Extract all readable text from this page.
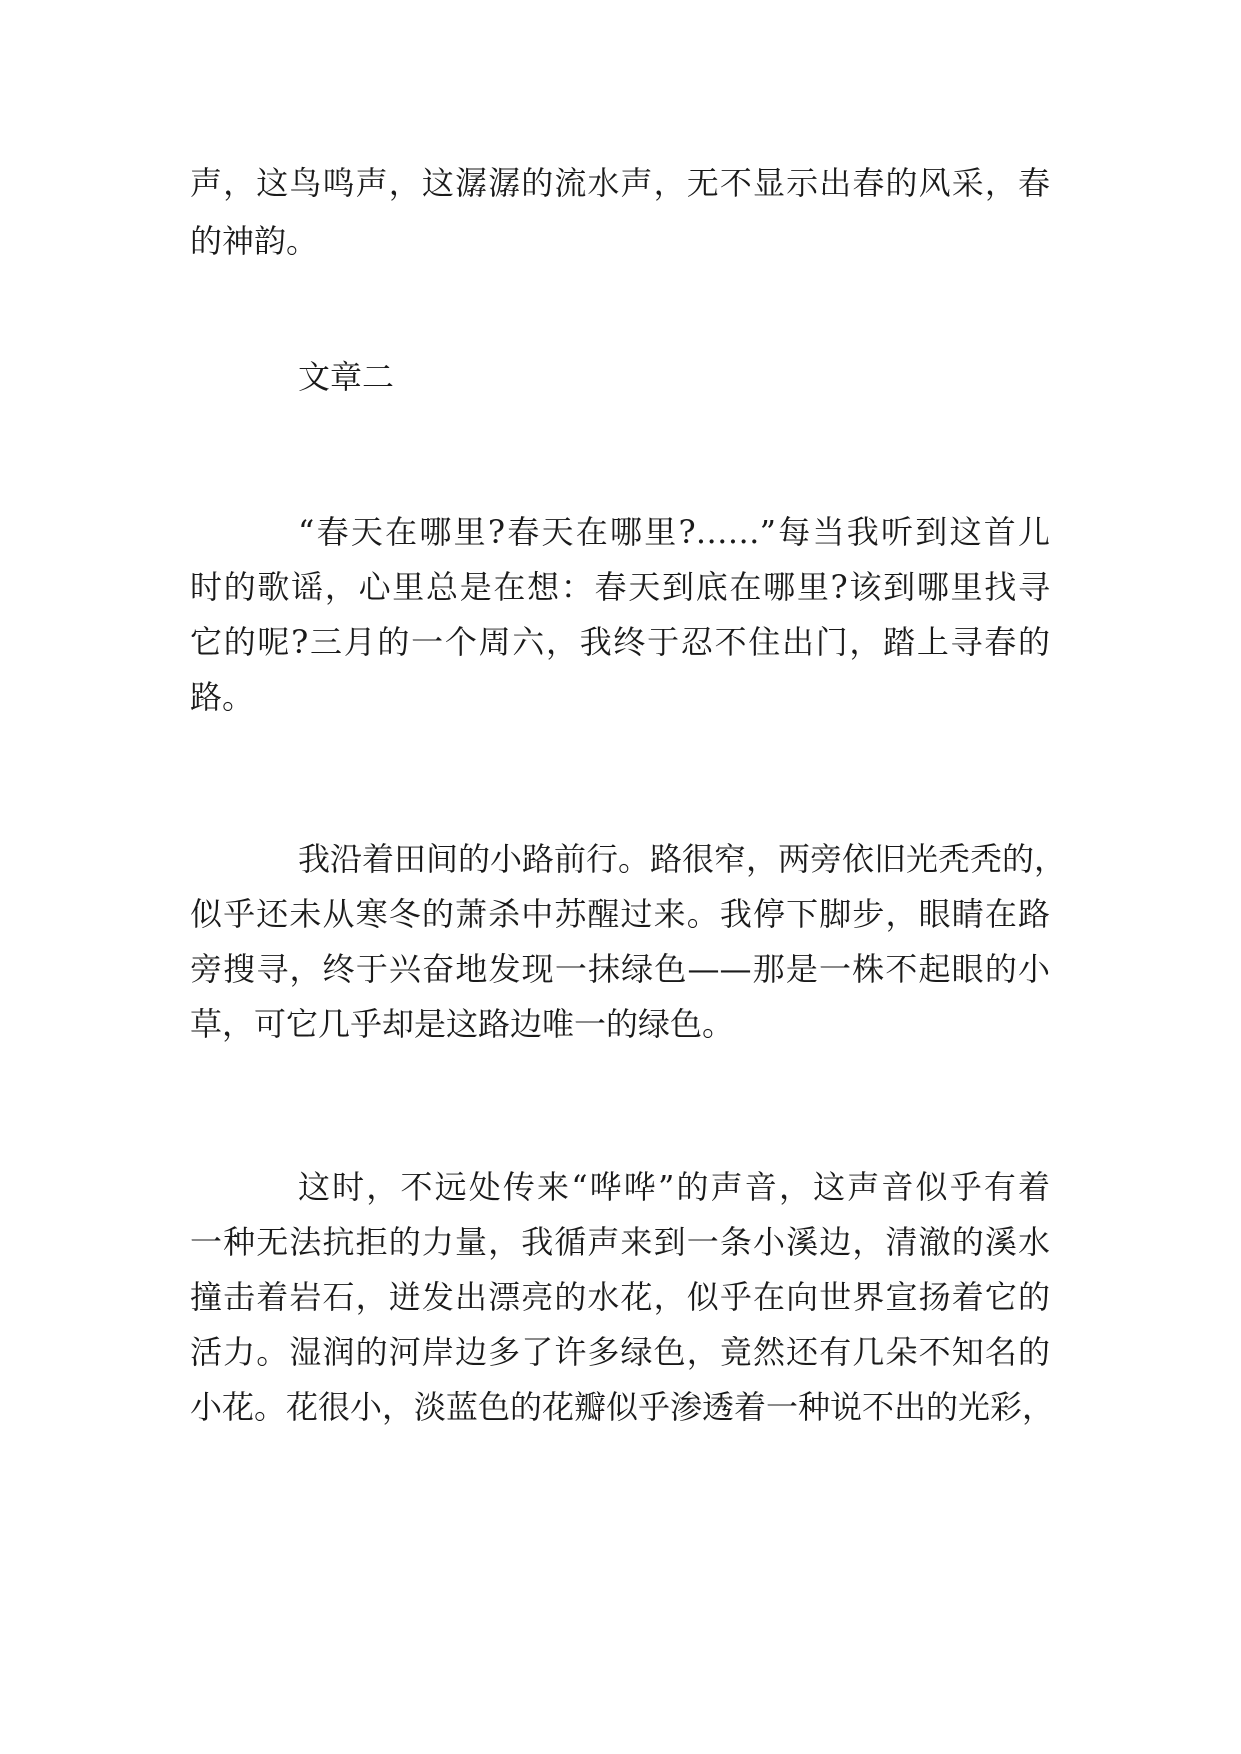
声，这鸟鸣声，这潺潺的流水声，无不显示出春的风采，春
的神韵。
文章二
“春天在哪里?春天在哪里?……”每当我听到这首儿
时的歌谣，心里总是在想：春天到底在哪里?该到哪里找寻
它的呢?三月的一个周六，我终于忍不住出门，踏上寻春的
路。
我沿着田间的小路前行。路很窄，两旁依旧光秃秃的，
似乎还未从寒冬的萧杀中苏醒过来。我停下脚步，眼睛在路
旁搜寻，终于兴奋地发现一抹绿色——那是一株不起眼的小
草，可它几乎却是这路边唯一的绿色。
这时，不远处传来“哗哗”的声音，这声音似乎有着
一种无法抗拒的力量，我循声来到一条小溪边，清澈的溪水
撞击着岩石，迸发出漂亮的水花，似乎在向世界宣扬着它的
活力。湿润的河岸边多了许多绿色，竟然还有几朵不知名的
小花。花很小，淡蓝色的花瓣似乎渗透着一种说不出的光彩，
